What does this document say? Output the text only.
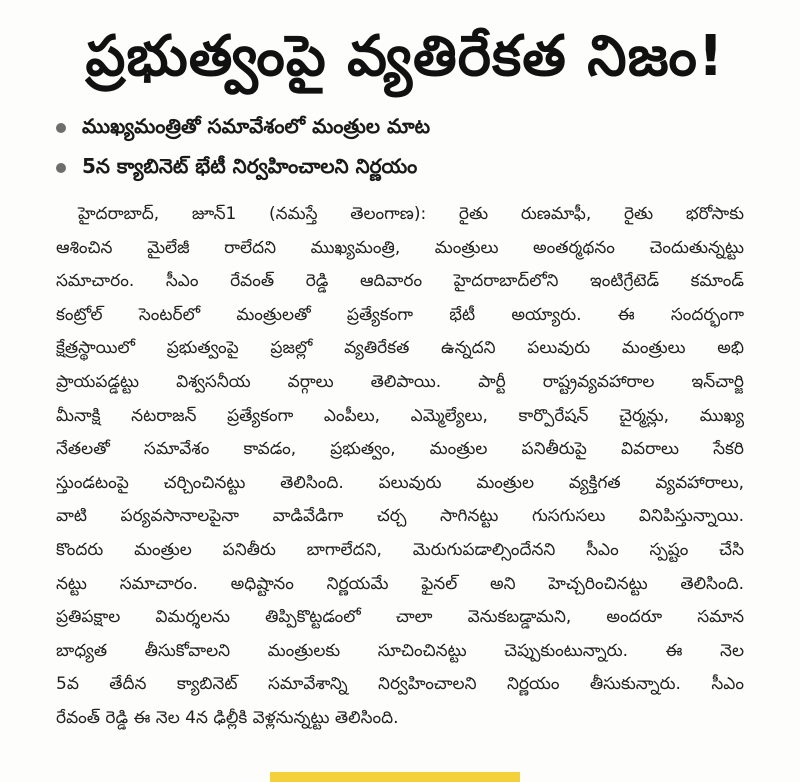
ప్రభుత్వంపై వ్యతిరేకత నిజం!
ముఖ్యమంత్రితో సమావేశంలో మంత్రుల మాట
5న క్యాబినెట్‌ భేటీ నిర్వహించాలని నిర్ణయం
హైదరాబాద్‌, జూన్‌1 (నమస్తే తెలంగాణ): రైతు రుణమాఫీ, రైతు భరోసాకు
ఆశించిన మైలేజీ రాలేదని ముఖ్యమంత్రి, మంత్రులు అంతర్మథనం చెందుతున్నట్టు
సమాచారం. సీఎం రేవంత్‌ రెడ్డి ఆదివారం హైదరాబాద్‌లోని ఇంటిగ్రేటెడ్‌ కమాండ్‌
కంట్రోల్‌ సెంటర్‌లో మంత్రులతో ప్రత్యేకంగా భేటీ అయ్యారు. ఈ సందర్భంగా
క్షేత్రస్థాయిలో ప్రభుత్వంపై ప్రజల్లో వ్యతిరేకత ఉన్నదని పలువురు మంత్రులు అభి
ప్రాయపడ్డట్టు విశ్వసనీయ వర్గాలు తెలిపాయి. పార్టీ రాష్ట్రవ్యవహారాల ఇన్‌చార్జి
మీనాక్షి నటరాజన్‌ ప్రత్యేకంగా ఎంపీలు, ఎమ్మెల్యేలు, కార్పొరేషన్‌ చైర్మన్లు, ముఖ్య
నేతలతో సమావేశం కావడం, ప్రభుత్వం, మంత్రుల పనితీరుపై వివరాలు సేకరి
స్తుండటంపై చర్చించినట్టు తెలిసింది. పలువురు మంత్రుల వ్యక్తిగత వ్యవహారాలు,
వాటి పర్యవసానాలపైనా వాడివేడిగా చర్చ సాగినట్టు గుసగుసలు వినిపిస్తున్నాయి.
కొందరు మంత్రుల పనితీరు బాగాలేదని, మెరుగుపడాల్సిందేనని సీఎం స్పష్టం చేసి
నట్టు సమాచారం. అధిష్టానం నిర్ణయమే ఫైనల్‌ అని హెచ్చరించినట్టు తెలిసింది.
ప్రతిపక్షాల విమర్శలను తిప్పికొట్టడంలో చాలా వెనుకబడ్డామని, అందరూ సమాన
బాధ్యత తీసుకోవాలని మంత్రులకు సూచించినట్టు చెప్పుకుంటున్నారు. ఈ నెల
5వ తేదీన క్యాబినెట్‌ సమావేశాన్ని నిర్వహించాలని నిర్ణయం తీసుకున్నారు. సీఎం
రేవంత్‌ రెడ్డి ఈ నెల 4న ఢిల్లీకి వెళ్లనున్నట్టు తెలిసింది.
